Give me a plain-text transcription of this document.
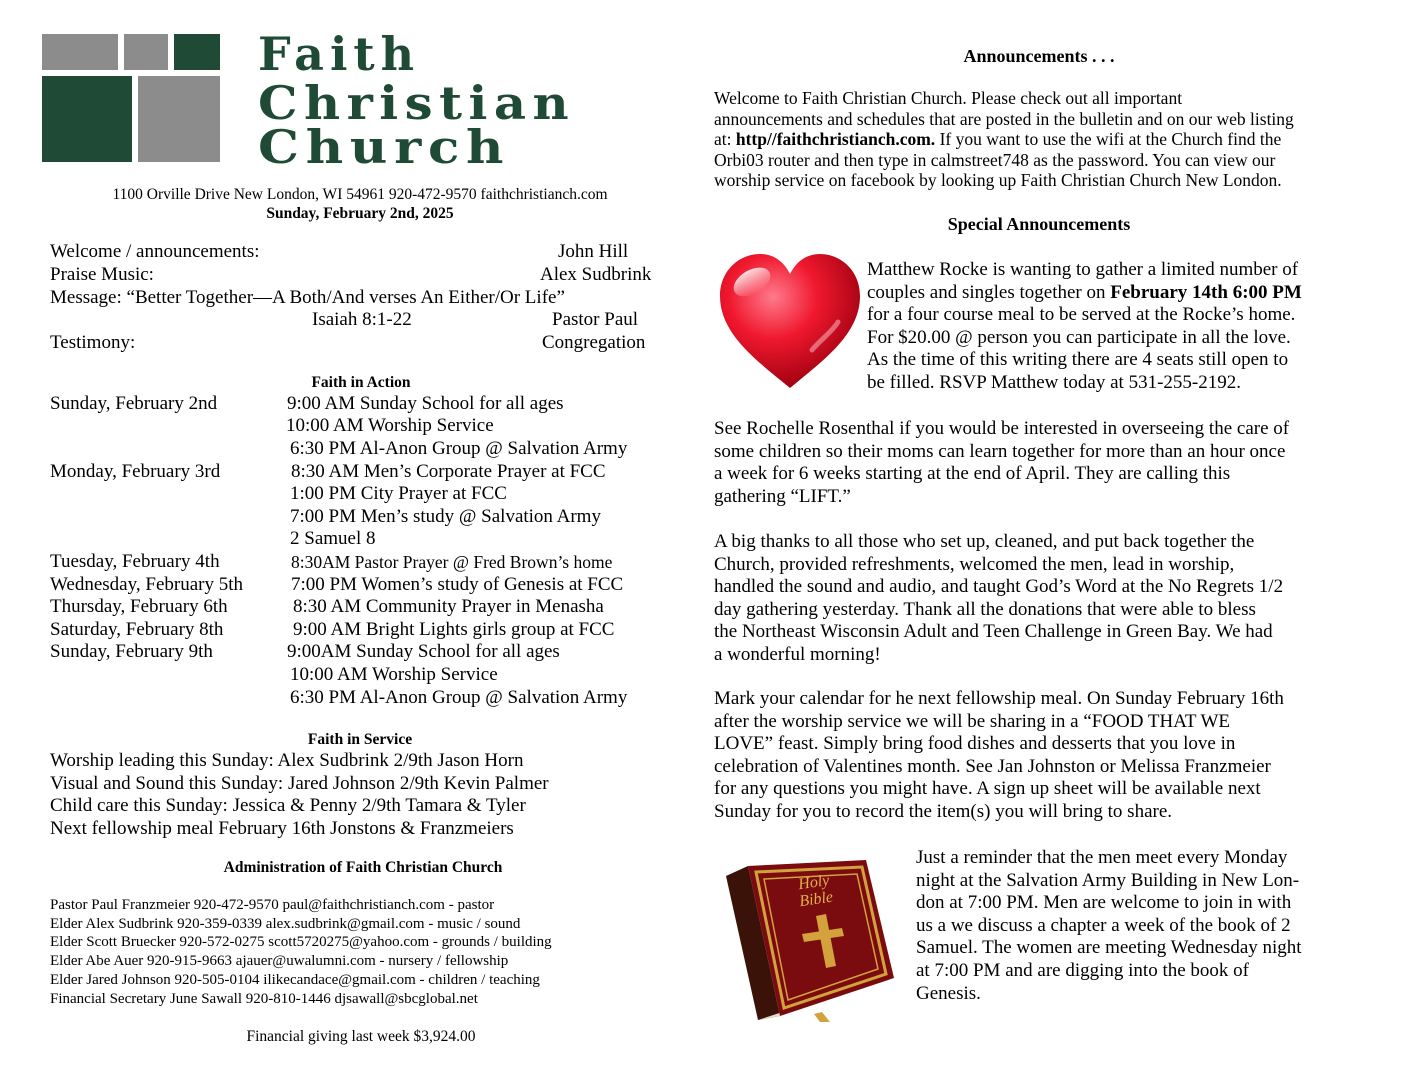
Faith
Christian
Church
1100 Orville Drive New London, WI 54961 920-472-9570 faithchristianch.com
Sunday, February 2nd, 2025
Welcome / announcements:	John Hill
Praise Music:	Alex Sudbrink
Message: “Better Together—A Both/And verses An Either/Or Life”
Isaiah 8:1-22	Pastor Paul
Testimony:	Congregation
Faith in Action
Sunday, February 2nd	9:00 AM Sunday School for all ages
10:00 AM Worship Service
6:30 PM Al-Anon Group @ Salvation Army
Monday, February 3rd	8:30 AM Men’s Corporate Prayer at FCC
1:00 PM City Prayer at FCC
7:00 PM Men’s study @ Salvation Army
2 Samuel 8
Tuesday, February 4th	8:30AM Pastor Prayer @ Fred Brown’s home
Wednesday, February 5th	7:00 PM Women’s study of Genesis at FCC
Thursday, February 6th	8:30 AM Community Prayer in Menasha
Saturday, February 8th	9:00 AM Bright Lights girls group at FCC
Sunday, February 9th	9:00AM Sunday School for all ages
10:00 AM Worship Service
6:30 PM Al-Anon Group @ Salvation Army
Faith in Service
Worship leading this Sunday: Alex Sudbrink 2/9th Jason Horn
Visual and Sound this Sunday: Jared Johnson 2/9th Kevin Palmer
Child care this Sunday: Jessica & Penny 2/9th Tamara & Tyler
Next fellowship meal February 16th Jonstons & Franzmeiers
Administration of Faith Christian Church
Pastor Paul Franzmeier 920-472-9570 paul@faithchristianch.com - pastor
Elder Alex Sudbrink 920-359-0339 alex.sudbrink@gmail.com - music / sound
Elder Scott Bruecker 920-572-0275 scott5720275@yahoo.com - grounds / building
Elder Abe Auer 920-915-9663 ajauer@uwalumni.com - nursery / fellowship
Elder Jared Johnson 920-505-0104 ilikecandace@gmail.com - children / teaching
Financial Secretary June Sawall 920-810-1446 djsawall@sbcglobal.net
Financial giving last week $3,924.00
Announcements . . .
Welcome to Faith Christian Church. Please check out all important
announcements and schedules that are posted in the bulletin and on our web listing
at: http//faithchristianch.com. If you want to use the wifi at the Church find the
Orbi03 router and then type in calmstreet748 as the password. You can view our
worship service on facebook by looking up Faith Christian Church New London.
Special Announcements
Matthew Rocke is wanting to gather a limited number of
couples and singles together on February 14th 6:00 PM
for a four course meal to be served at the Rocke’s home.
For $20.00 @ person you can participate in all the love.
As the time of this writing there are 4 seats still open to
be filled. RSVP Matthew today at 531-255-2192.
See Rochelle Rosenthal if you would be interested in overseeing the care of
some children so their moms can learn together for more than an hour once
a week for 6 weeks starting at the end of April. They are calling this
gathering “LIFT.”
A big thanks to all those who set up, cleaned, and put back together the
Church, provided refreshments, welcomed the men, lead in worship,
handled the sound and audio, and taught God’s Word at the No Regrets 1/2
day gathering yesterday. Thank all the donations that were able to bless
the Northeast Wisconsin Adult and Teen Challenge in Green Bay. We had
a wonderful morning!
Mark your calendar for he next fellowship meal. On Sunday February 16th
after the worship service we will be sharing in a “FOOD THAT WE
LOVE” feast. Simply bring food dishes and desserts that you love in
celebration of Valentines month. See Jan Johnston or Melissa Franzmeier
for any questions you might have. A sign up sheet will be available next
Sunday for you to record the item(s) you will bring to share.
Holy
Bible
Just a reminder that the men meet every Monday
night at the Salvation Army Building in New Lon-
don at 7:00 PM. Men are welcome to join in with
us a we discuss a chapter a week of the book of 2
Samuel. The women are meeting Wednesday night
at 7:00 PM and are digging into the book of
Genesis.
